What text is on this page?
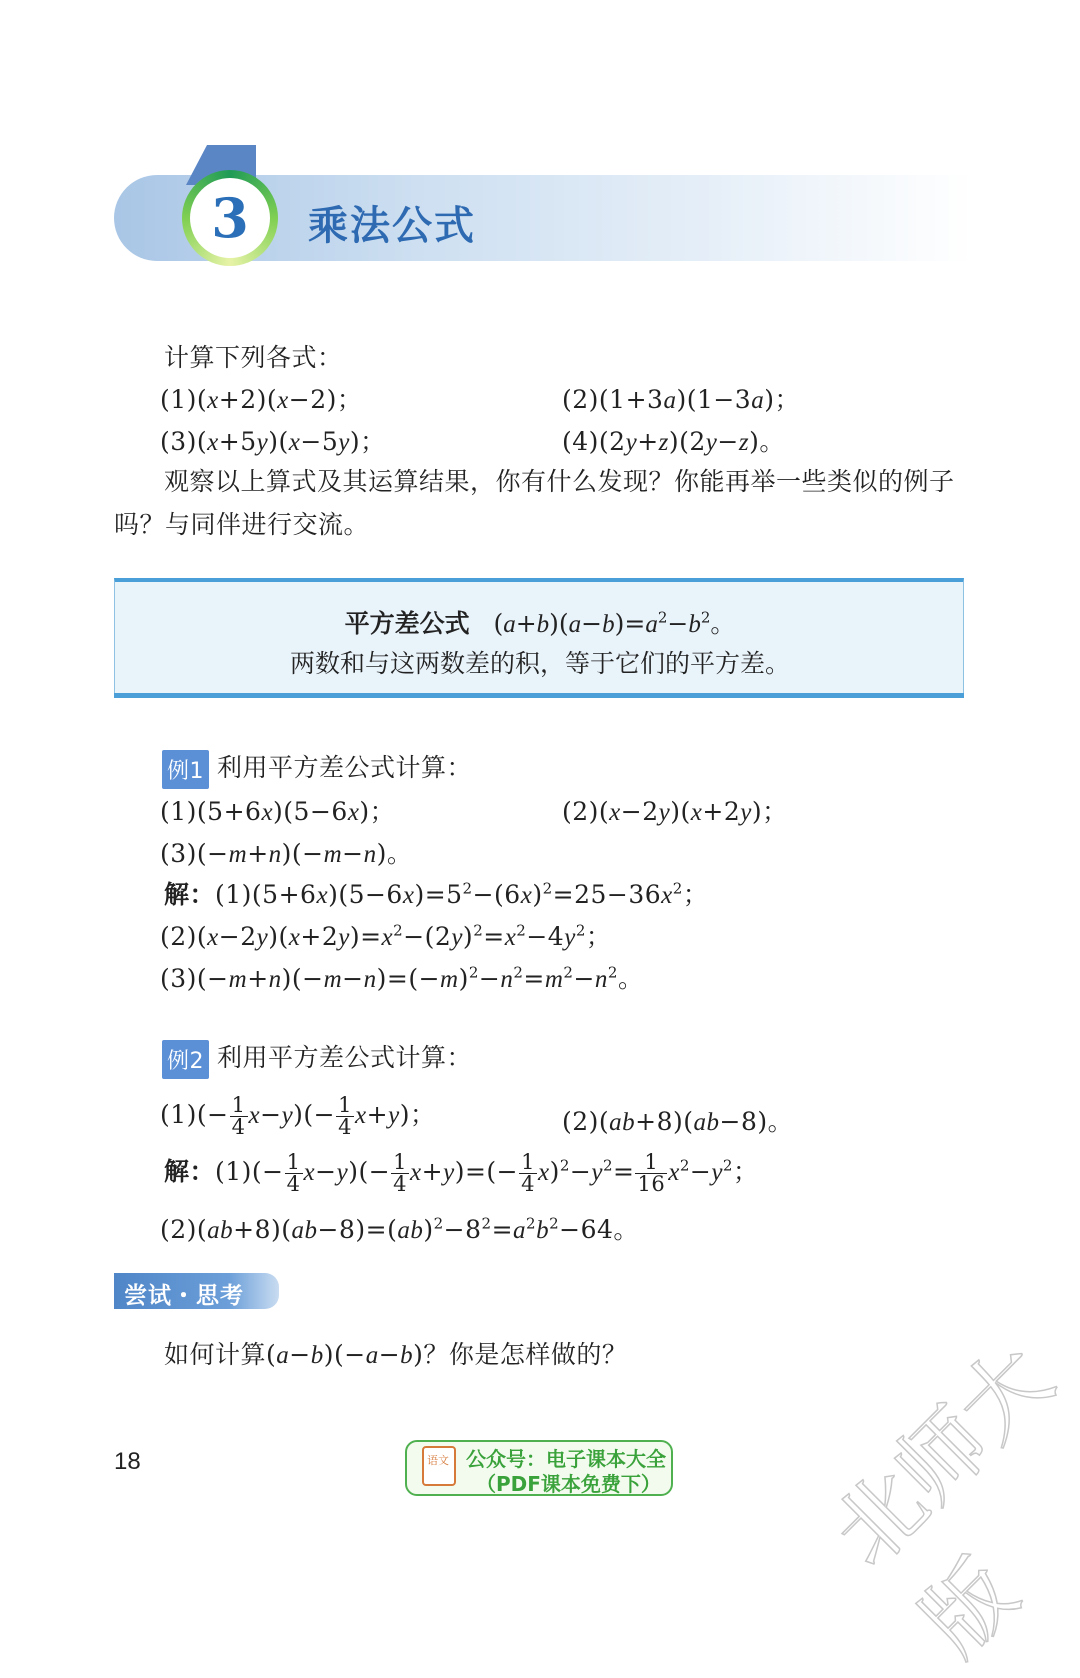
3	乘法公式
计算下列各式：
(1)(x+2)(x−2)；	(2)(1+3a)(1−3a)；
(3)(x+5y)(x−5y)；	(4)(2y+z)(2y−z)。
观察以上算式及其运算结果，你有什么发现？你能再举一些类似的例子
吗？与同伴进行交流。
平方差公式   $(a+b)(a-b)=a^2-b^2$。
两数和与这两数差的积，等于它们的平方差。
例1 利用平方差公式计算：
(1)(5+6x)(5−6x)；	(2)(x−2y)(x+2y)；
(3)(−m+n)(−m−n)。
解：$(1)(5+6x)(5-6x)=5^2-(6x)^2=25-36x^2$；
$(2)(x-2y)(x+2y)=x^2-(2y)^2=x^2-4y^2$；
$(3)(-m+n)(-m-n)=(-m)^2-n^2=m^2-n^2$。
例2 利用平方差公式计算：
$(1)(- \frac{1}{4} x-y)(- \frac{1}{4} x+y)$；	(2)(ab+8)(ab−8)。
解：$(1)(- \frac{1}{4} x-y)(- \frac{1}{4} x+y)=(- \frac{1}{4} x)^2-y^2= \frac{1}{16} x^2-y^2$；
$(2)(ab+8)(ab-8)=(ab)^2-8^2=a^2b^2-64$。
尝试・思考
如何计算(a−b)(−a−b)？你是怎样做的？
18	语文 公众号：电子课本大全
（PDF课本免费下） 北师大版
